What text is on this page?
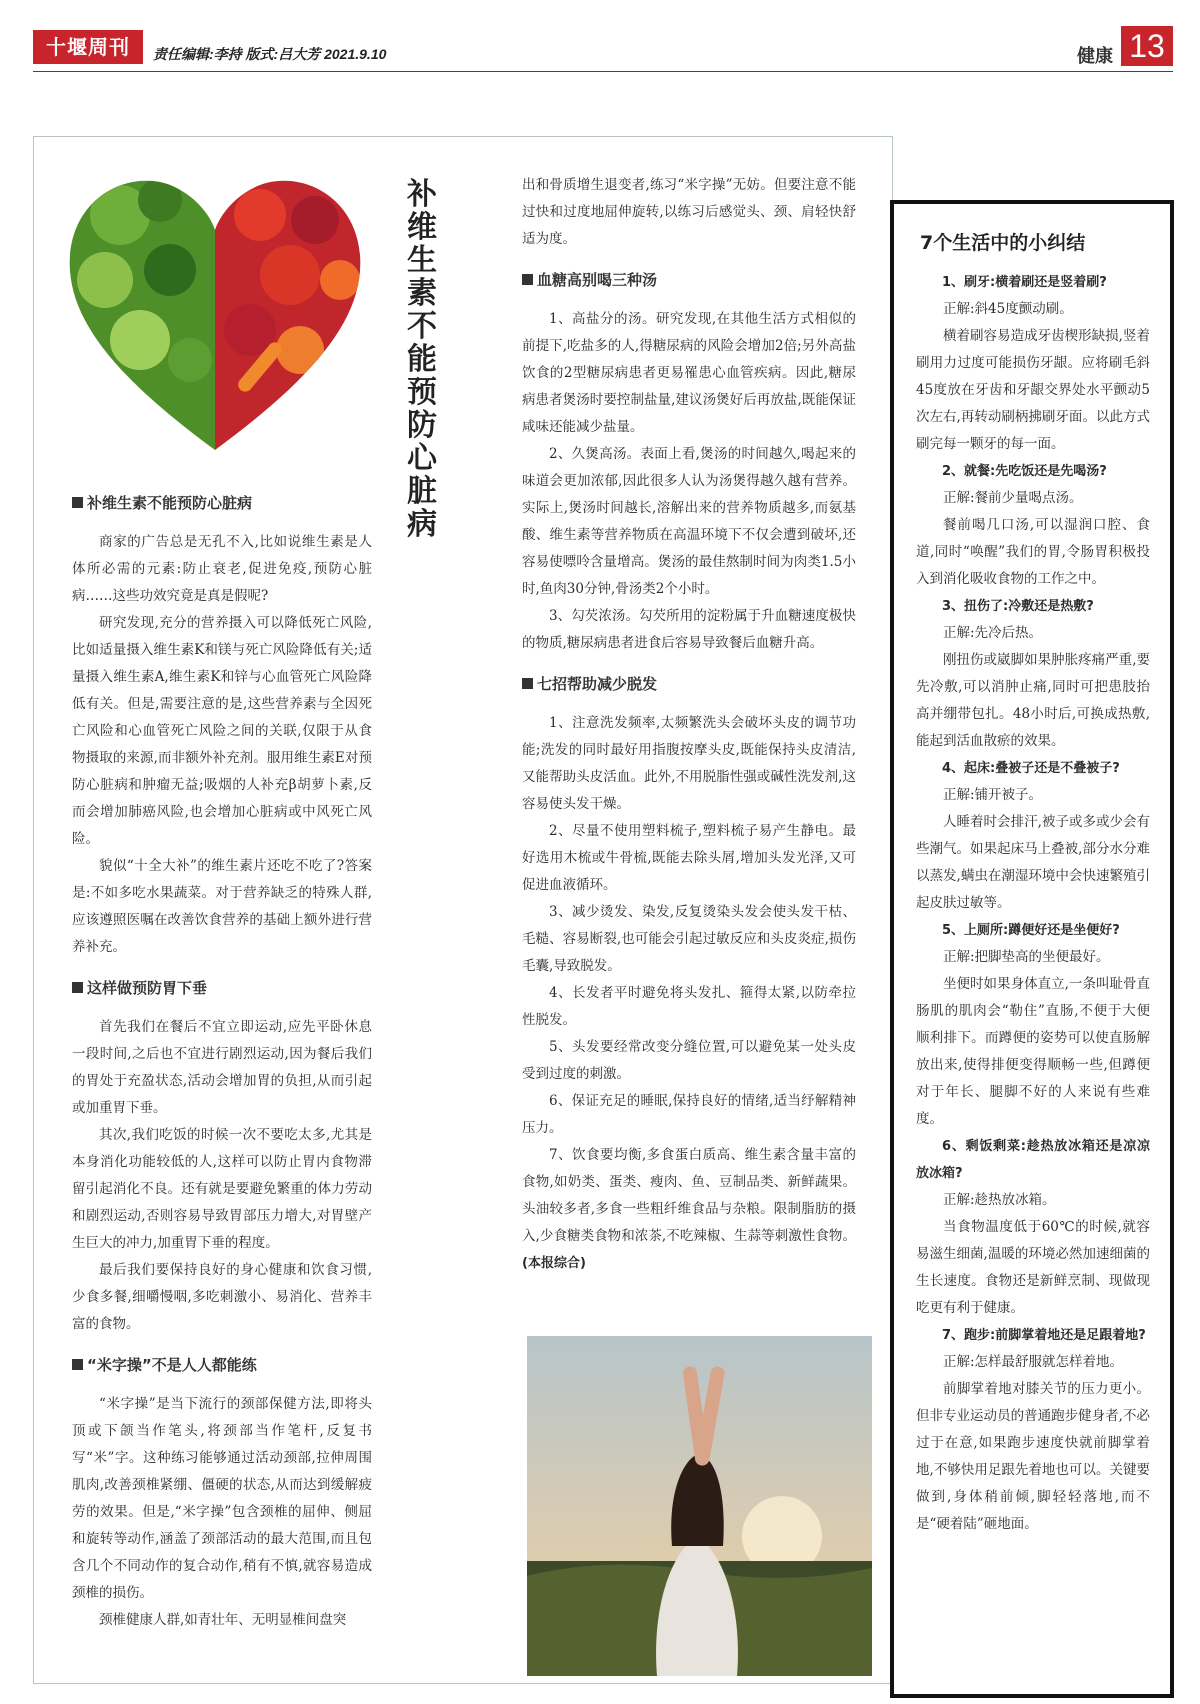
十堰周刊	责任编辑:李持 版式:吕大芳 2021.9.10	健康 13
补维生素不能预防心脏病
补维生素不能预防心脏病

商家的广告总是无孔不入,比如说维生素是人体所必需的元素:防止衰老,促进免疫,预防心脏病……这些功效究竟是真是假呢?

研究发现,充分的营养摄入可以降低死亡风险,比如适量摄入维生素K和镁与死亡风险降低有关;适量摄入维生素A,维生素K和锌与心血管死亡风险降低有关。但是,需要注意的是,这些营养素与全因死亡风险和心血管死亡风险之间的关联,仅限于从食物摄取的来源,而非额外补充剂。服用维生素E对预防心脏病和肿瘤无益;吸烟的人补充β胡萝卜素,反而会增加肺癌风险,也会增加心脏病或中风死亡风险。

貌似“十全大补”的维生素片还吃不吃了?答案是:不如多吃水果蔬菜。对于营养缺乏的特殊人群,应该遵照医嘱在改善饮食营养的基础上额外进行营养补充。

这样做预防胃下垂

首先我们在餐后不宜立即运动,应先平卧休息一段时间,之后也不宜进行剧烈运动,因为餐后我们的胃处于充盈状态,活动会增加胃的负担,从而引起或加重胃下垂。

其次,我们吃饭的时候一次不要吃太多,尤其是本身消化功能较低的人,这样可以防止胃内食物滞留引起消化不良。还有就是要避免繁重的体力劳动和剧烈运动,否则容易导致胃部压力增大,对胃壁产生巨大的冲力,加重胃下垂的程度。

最后我们要保持良好的身心健康和饮食习惯,少食多餐,细嚼慢咽,多吃刺激小、易消化、营养丰富的食物。

“米字操”不是人人都能练

“米字操”是当下流行的颈部保健方法,即将头顶或下颌当作笔头,将颈部当作笔杆,反复书写“米”字。这种练习能够通过活动颈部,拉伸周围肌肉,改善颈椎紧绷、僵硬的状态,从而达到缓解疲劳的效果。但是,“米字操”包含颈椎的屈伸、侧屈和旋转等动作,涵盖了颈部活动的最大范围,而且包含几个不同动作的复合动作,稍有不慎,就容易造成颈椎的损伤。

颈椎健康人群,如青壮年、无明显椎间盘突

出和骨质增生退变者,练习“米字操”无妨。但要注意不能过快和过度地屈伸旋转,以练习后感觉头、颈、肩轻快舒适为度。

血糖高别喝三种汤

1、高盐分的汤。研究发现,在其他生活方式相似的前提下,吃盐多的人,得糖尿病的风险会增加2倍;另外高盐饮食的2型糖尿病患者更易罹患心血管疾病。因此,糖尿病患者煲汤时要控制盐量,建议汤煲好后再放盐,既能保证咸味还能减少盐量。

2、久煲高汤。表面上看,煲汤的时间越久,喝起来的味道会更加浓郁,因此很多人认为汤煲得越久越有营养。实际上,煲汤时间越长,溶解出来的营养物质越多,而氨基酸、维生素等营养物质在高温环境下不仅会遭到破坏,还容易使嘌呤含量增高。煲汤的最佳熬制时间为肉类1.5小时,鱼肉30分钟,骨汤类2个小时。

3、勾芡浓汤。勾芡所用的淀粉属于升血糖速度极快的物质,糖尿病患者进食后容易导致餐后血糖升高。

七招帮助减少脱发

1、注意洗发频率,太频繁洗头会破坏头皮的调节功能;洗发的同时最好用指腹按摩头皮,既能保持头皮清洁,又能帮助头皮活血。此外,不用脱脂性强或碱性洗发剂,这容易使头发干燥。

2、尽量不使用塑料梳子,塑料梳子易产生静电。最好选用木梳或牛骨梳,既能去除头屑,增加头发光泽,又可促进血液循环。

3、减少烫发、染发,反复烫染头发会使头发干枯、毛糙、容易断裂,也可能会引起过敏反应和头皮炎症,损伤毛囊,导致脱发。

4、长发者平时避免将头发扎、箍得太紧,以防牵拉性脱发。

5、头发要经常改变分缝位置,可以避免某一处头皮受到过度的刺激。

6、保证充足的睡眠,保持良好的情绪,适当纾解精神压力。

7、饮食要均衡,多食蛋白质高、维生素含量丰富的食物,如奶类、蛋类、瘦肉、鱼、豆制品类、新鲜蔬果。头油较多者,多食一些粗纤维食品与杂粮。限制脂肪的摄入,少食糖类食物和浓茶,不吃辣椒、生蒜等刺激性食物。 (本报综合)

7个生活中的小纠结
1、刷牙:横着刷还是竖着刷?

正解:斜45度颤动刷。

横着刷容易造成牙齿楔形缺损,竖着刷用力过度可能损伤牙龈。应将刷毛斜45度放在牙齿和牙龈交界处水平颤动5次左右,再转动刷柄拂刷牙面。以此方式刷完每一颗牙的每一面。

2、就餐:先吃饭还是先喝汤?

正解:餐前少量喝点汤。

餐前喝几口汤,可以湿润口腔、食道,同时“唤醒”我们的胃,令肠胃积极投入到消化吸收食物的工作之中。

3、扭伤了:冷敷还是热敷?

正解:先冷后热。

刚扭伤或崴脚如果肿胀疼痛严重,要先冷敷,可以消肿止痛,同时可把患肢抬高并绷带包扎。48小时后,可换成热敷,能起到活血散瘀的效果。

4、起床:叠被子还是不叠被子?

正解:铺开被子。

人睡着时会排汗,被子或多或少会有些潮气。如果起床马上叠被,部分水分难以蒸发,螨虫在潮湿环境中会快速繁殖引起皮肤过敏等。

5、上厕所:蹲便好还是坐便好?

正解:把脚垫高的坐便最好。

坐便时如果身体直立,一条叫耻骨直肠肌的肌肉会“勒住”直肠,不便于大便顺利排下。而蹲便的姿势可以使直肠解放出来,使得排便变得顺畅一些,但蹲便对于年长、腿脚不好的人来说有些难度。

6、剩饭剩菜:趁热放冰箱还是凉凉放冰箱?

正解:趁热放冰箱。

当食物温度低于60℃的时候,就容易滋生细菌,温暖的环境必然加速细菌的生长速度。食物还是新鲜烹制、现做现吃更有利于健康。

7、跑步:前脚掌着地还是足跟着地?

正解:怎样最舒服就怎样着地。

前脚掌着地对膝关节的压力更小。但非专业运动员的普通跑步健身者,不必过于在意,如果跑步速度快就前脚掌着地,不够快用足跟先着地也可以。关键要做到,身体稍前倾,脚轻轻落地,而不是“硬着陆”砸地面。
